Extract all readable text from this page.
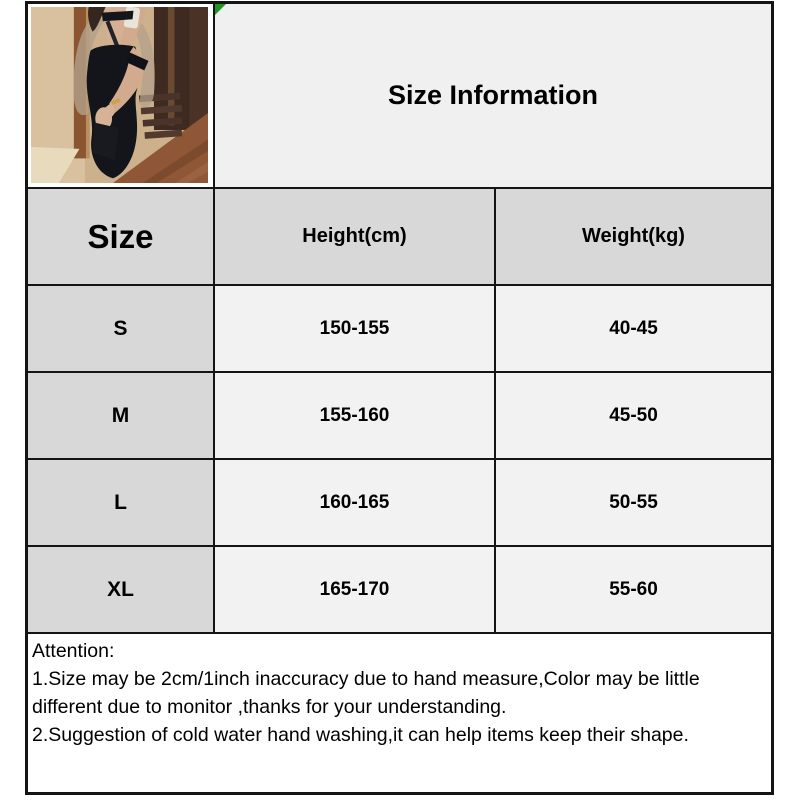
Size Information
Size	Height(cm)	Weight(kg)
S	150-155	40-45
M	155-160	45-50
L	160-165	50-55
XL	165-170	55-60
Attention:
1.Size may be 2cm/1inch inaccuracy due to hand measure,Color may be little different due to monitor ,thanks for your understanding.
2.Suggestion of cold water hand washing,it can help items keep their shape.
